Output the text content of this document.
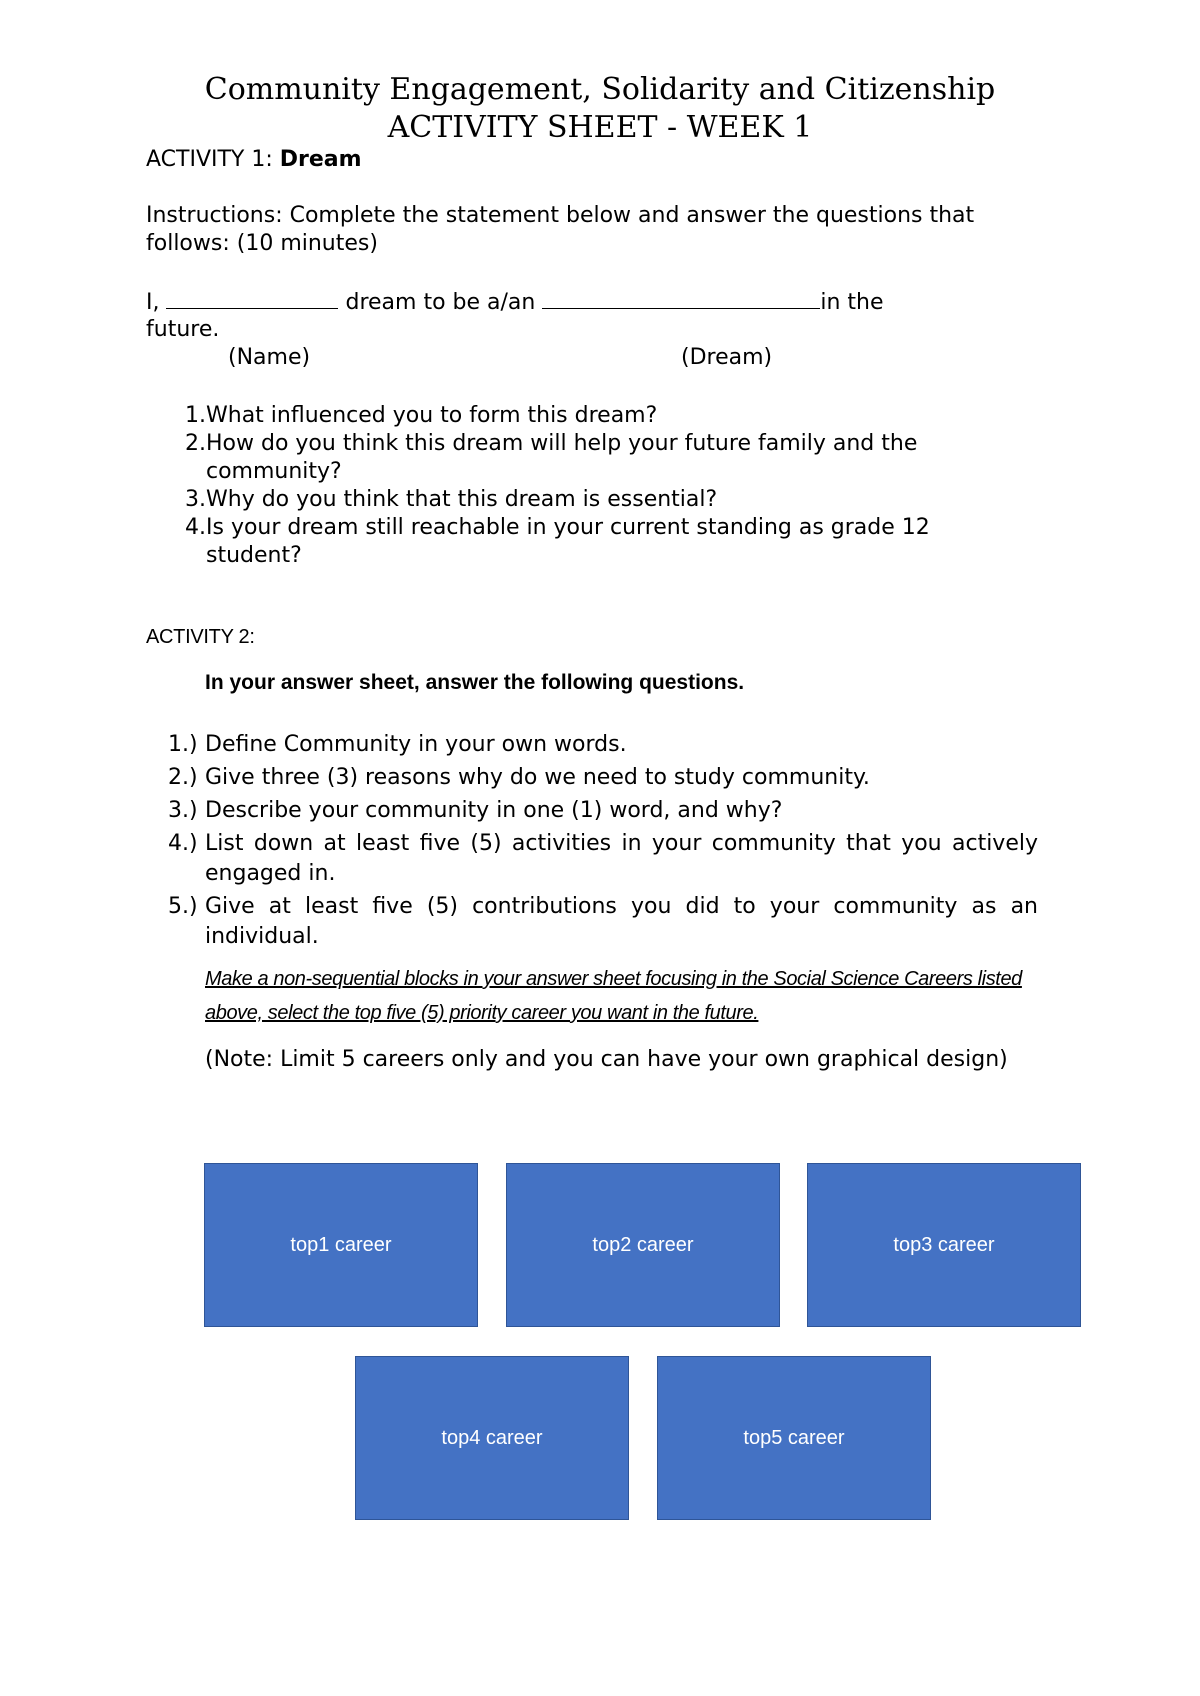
Community Engagement, Solidarity and Citizenship
ACTIVITY SHEET - WEEK 1
ACTIVITY 1: Dream
Instructions: Complete the statement below and answer the questions that follows: (10 minutes)
I,	dream to be a/an	in the
future.
(Name)	(Dream)
1. What influenced you to form this dream?
2. How do you think this dream will help your future family and the community?
3. Why do you think that this dream is essential?
4. Is your dream still reachable in your current standing as grade 12 student?
ACTIVITY 2:
In your answer sheet, answer the following questions.
1.) Define Community in your own words.
2.) Give three (3) reasons why do we need to study community.
3.) Describe your community in one (1) word, and why?
4.) List down at least five (5) activities in your community that you actively engaged in.
5.) Give at least five (5) contributions you did to your community as an individual.
Make a non-sequential blocks in your answer sheet focusing in the Social Science Careers listed above, select the top five (5) priority career you want in the future.
(Note: Limit 5 careers only and you can have your own graphical design)
top1 career	top2 career	top3 career
top4 career	top5 career
